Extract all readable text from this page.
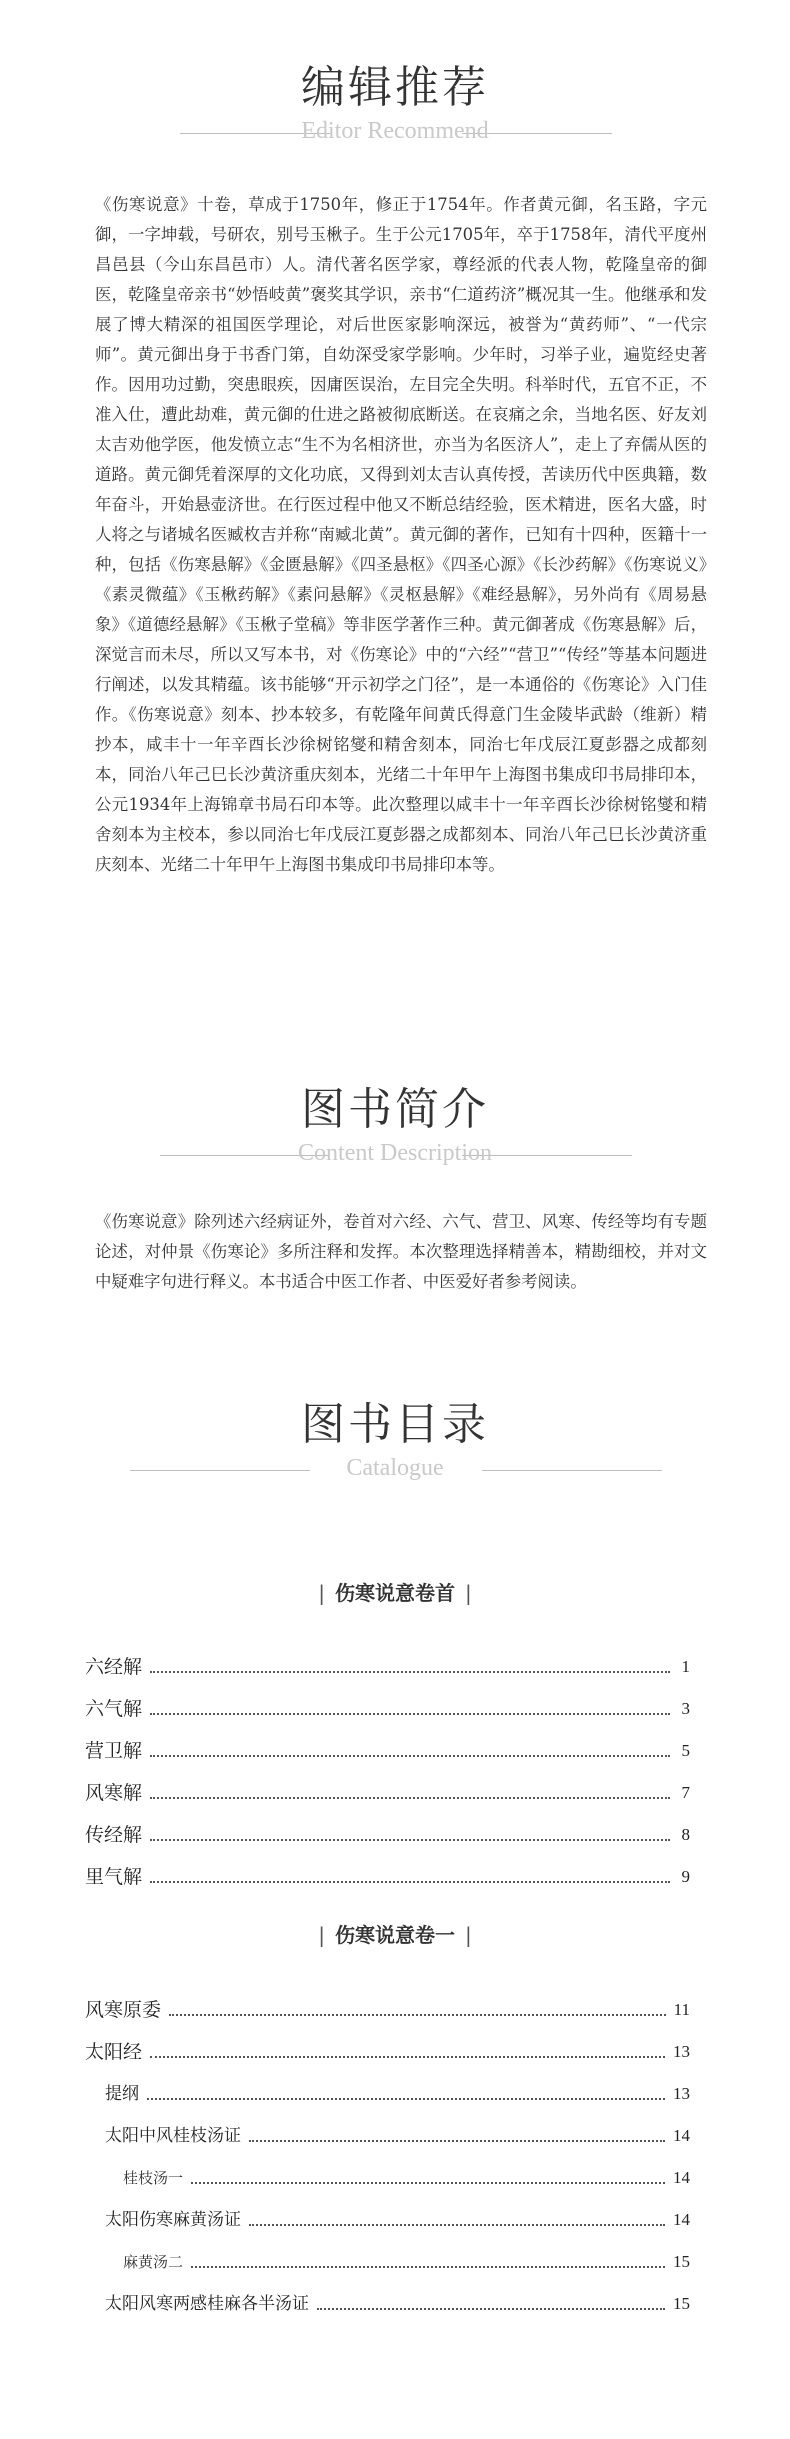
编辑推荐
Editor Recommend

《伤寒说意》十卷，草成于1750年，修正于1754年。作者黄元御，名玉路，字元御，一字坤载，号研农，别号玉楸子。生于公元1705年，卒于1758年，清代平度州昌邑县（今山东昌邑市）人。清代著名医学家，尊经派的代表人物，乾隆皇帝的御医，乾隆皇帝亲书“妙悟岐黄”褒奖其学识，亲书“仁道药济”概况其一生。他继承和发展了博大精深的祖国医学理论，对后世医家影响深远，被誉为“黄药师”、“一代宗师”。黄元御出身于书香门第，自幼深受家学影响。少年时，习举子业，遍览经史著作。因用功过勤，突患眼疾，因庸医误治，左目完全失明。科举时代，五官不正，不准入仕，遭此劫难，黄元御的仕进之路被彻底断送。在哀痛之余，当地名医、好友刘太吉劝他学医，他发愤立志“生不为名相济世，亦当为名医济人”，走上了弃儒从医的道路。黄元御凭着深厚的文化功底，又得到刘太吉认真传授，苦读历代中医典籍，数年奋斗，开始悬壶济世。在行医过程中他又不断总结经验，医术精进，医名大盛，时人将之与诸城名医臧枚吉并称“南臧北黄”。黄元御的著作，已知有十四种，医籍十一种，包括《伤寒悬解》《金匮悬解》《四圣悬枢》《四圣心源》《长沙药解》《伤寒说义》《素灵微蕴》《玉楸药解》《素问悬解》《灵枢悬解》《难经悬解》，另外尚有《周易悬象》《道德经悬解》《玉楸子堂稿》等非医学著作三种。黄元御著成《伤寒悬解》后，深觉言而未尽，所以又写本书，对《伤寒论》中的“六经”“营卫”“传经”等基本问题进行阐述，以发其精蕴。该书能够“开示初学之门径”，是一本通俗的《伤寒论》入门佳作。《伤寒说意》刻本、抄本较多，有乾隆年间黄氏得意门生金陵毕武龄（维新）精抄本，咸丰十一年辛酉长沙徐树铭燮和精舍刻本，同治七年戊辰江夏彭器之成都刻本，同治八年己巳长沙黄济重庆刻本，光绪二十年甲午上海图书集成印书局排印本，公元1934年上海锦章书局石印本等。此次整理以咸丰十一年辛酉长沙徐树铭燮和精舍刻本为主校本，参以同治七年戊辰江夏彭器之成都刻本、同治八年己巳长沙黄济重庆刻本、光绪二十年甲午上海图书集成印书局排印本等。

图书简介
Content Description

《伤寒说意》除列述六经病证外，卷首对六经、六气、营卫、风寒、传经等均有专题论述，对仲景《伤寒论》多所注释和发挥。本次整理选择精善本，精勘细校，并对文中疑难字句进行释义。本书适合中医工作者、中医爱好者参考阅读。

图书目录
Catalogue
| 伤寒说意卷首 |
六经解	1
六气解	3
营卫解	5
风寒解	7
传经解	8
里气解	9
| 伤寒说意卷一 |
风寒原委	11
太阳经	13
提纲	13
太阳中风桂枝汤证	14
桂枝汤一	14
太阳伤寒麻黄汤证	14
麻黄汤二	15
太阳风寒两感桂麻各半汤证	15
